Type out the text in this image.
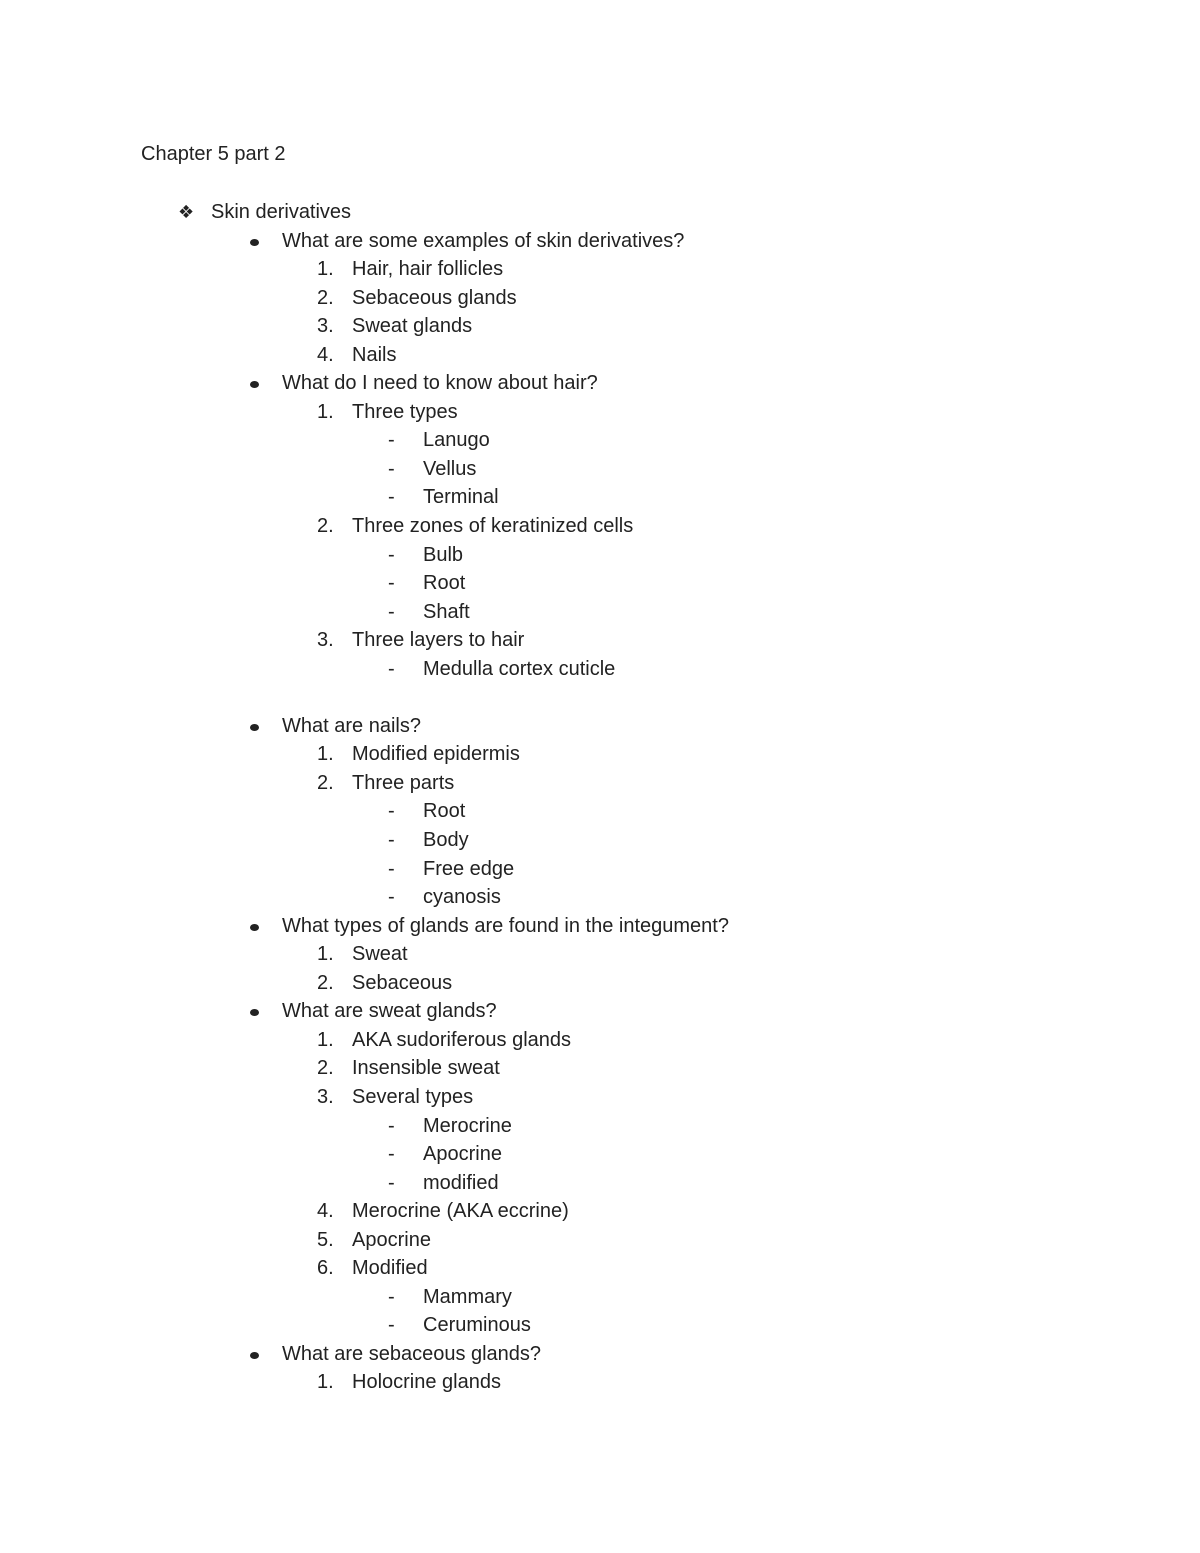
Chapter 5 part 2
❖ Skin derivatives
What are some examples of skin derivatives?
1. Hair, hair follicles
2. Sebaceous glands
3. Sweat glands
4. Nails
What do I need to know about hair?
1. Three types
- Lanugo
- Vellus
- Terminal
2. Three zones of keratinized cells
- Bulb
- Root
- Shaft
3. Three layers to hair
- Medulla cortex cuticle
What are nails?
1. Modified epidermis
2. Three parts
- Root
- Body
- Free edge
- cyanosis
What types of glands are found in the integument?
1. Sweat
2. Sebaceous
What are sweat glands?
1. AKA sudoriferous glands
2. Insensible sweat
3. Several types
- Merocrine
- Apocrine
- modified
4. Merocrine (AKA eccrine)
5. Apocrine
6. Modified
- Mammary
- Ceruminous
What are sebaceous glands?
1. Holocrine glands
